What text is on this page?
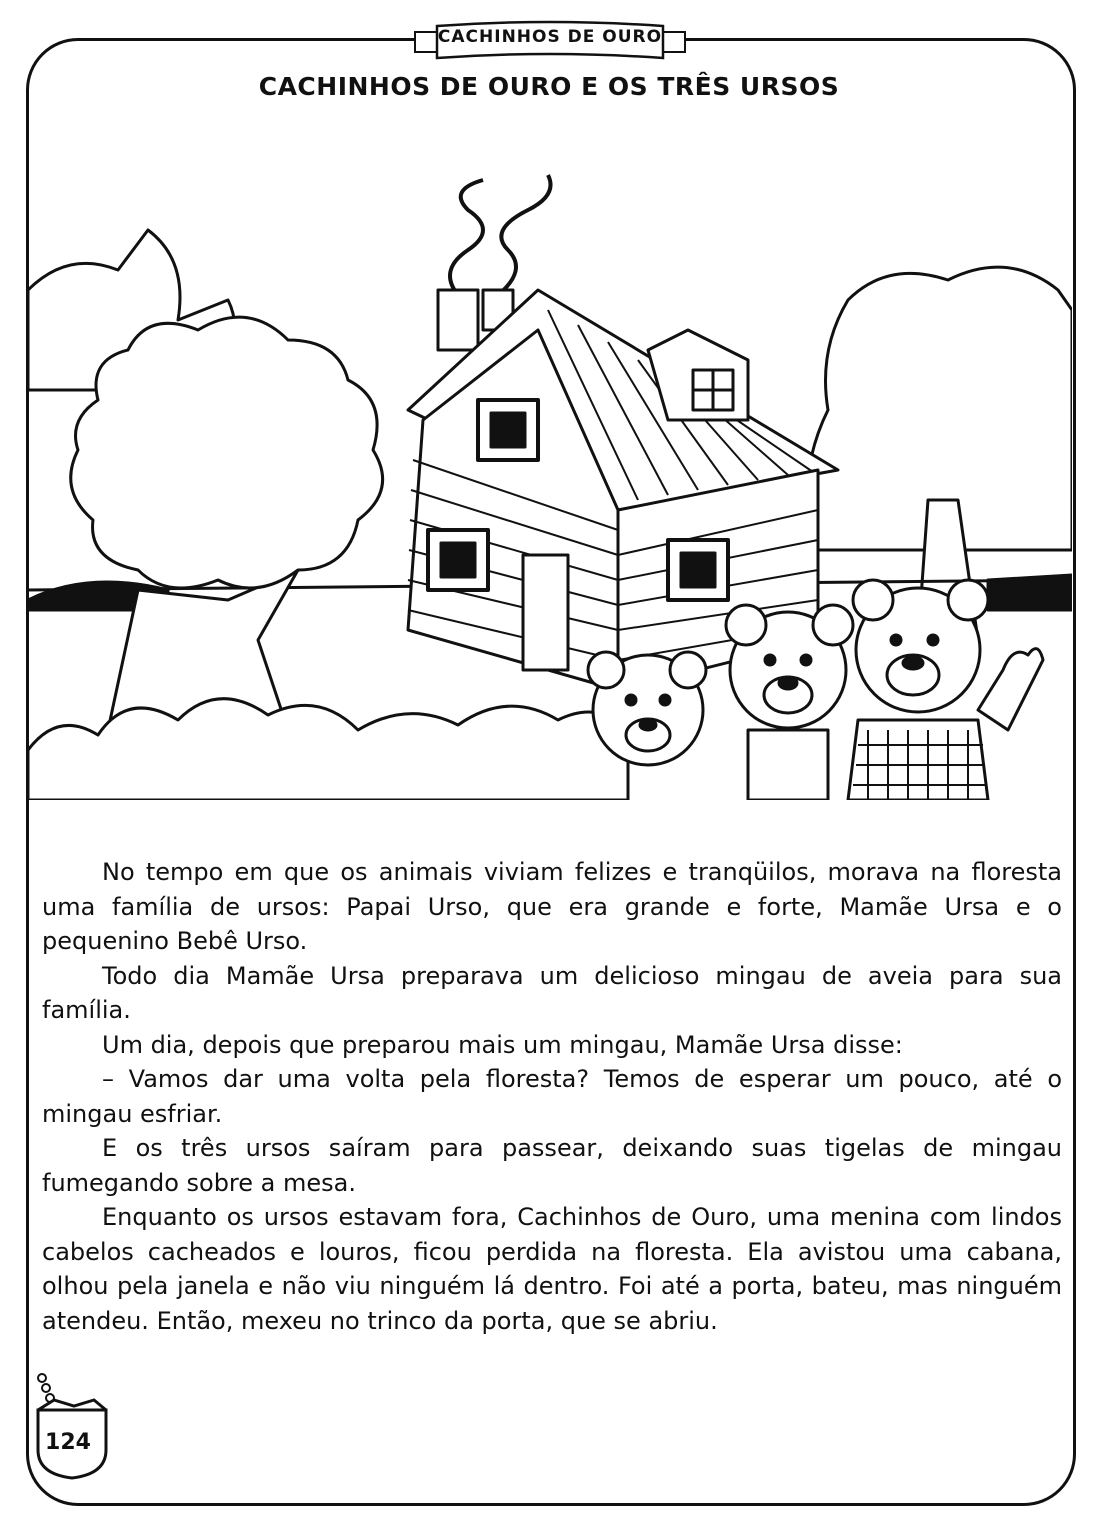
CACHINHOS DE OURO
CACHINHOS DE OURO E OS TRÊS URSOS

No tempo em que os animais viviam felizes e tranqüilos, morava na floresta uma família de ursos: Papai Urso, que era grande e forte, Mamãe Ursa e o pequenino Bebê Urso.

Todo dia Mamãe Ursa preparava um delicioso mingau de aveia para sua família.

Um dia, depois que preparou mais um mingau, Mamãe Ursa disse:

– Vamos dar uma volta pela floresta? Temos de esperar um pouco, até o mingau esfriar.

E os três ursos saíram para passear, deixando suas tigelas de mingau fumegando sobre a mesa.

Enquanto os ursos estavam fora, Cachinhos de Ouro, uma menina com lindos cabelos cacheados e louros, ficou perdida na floresta. Ela avistou uma cabana, olhou pela janela e não viu ninguém lá dentro. Foi até a porta, bateu, mas ninguém atendeu. Então, mexeu no trinco da porta, que se abriu.

124
